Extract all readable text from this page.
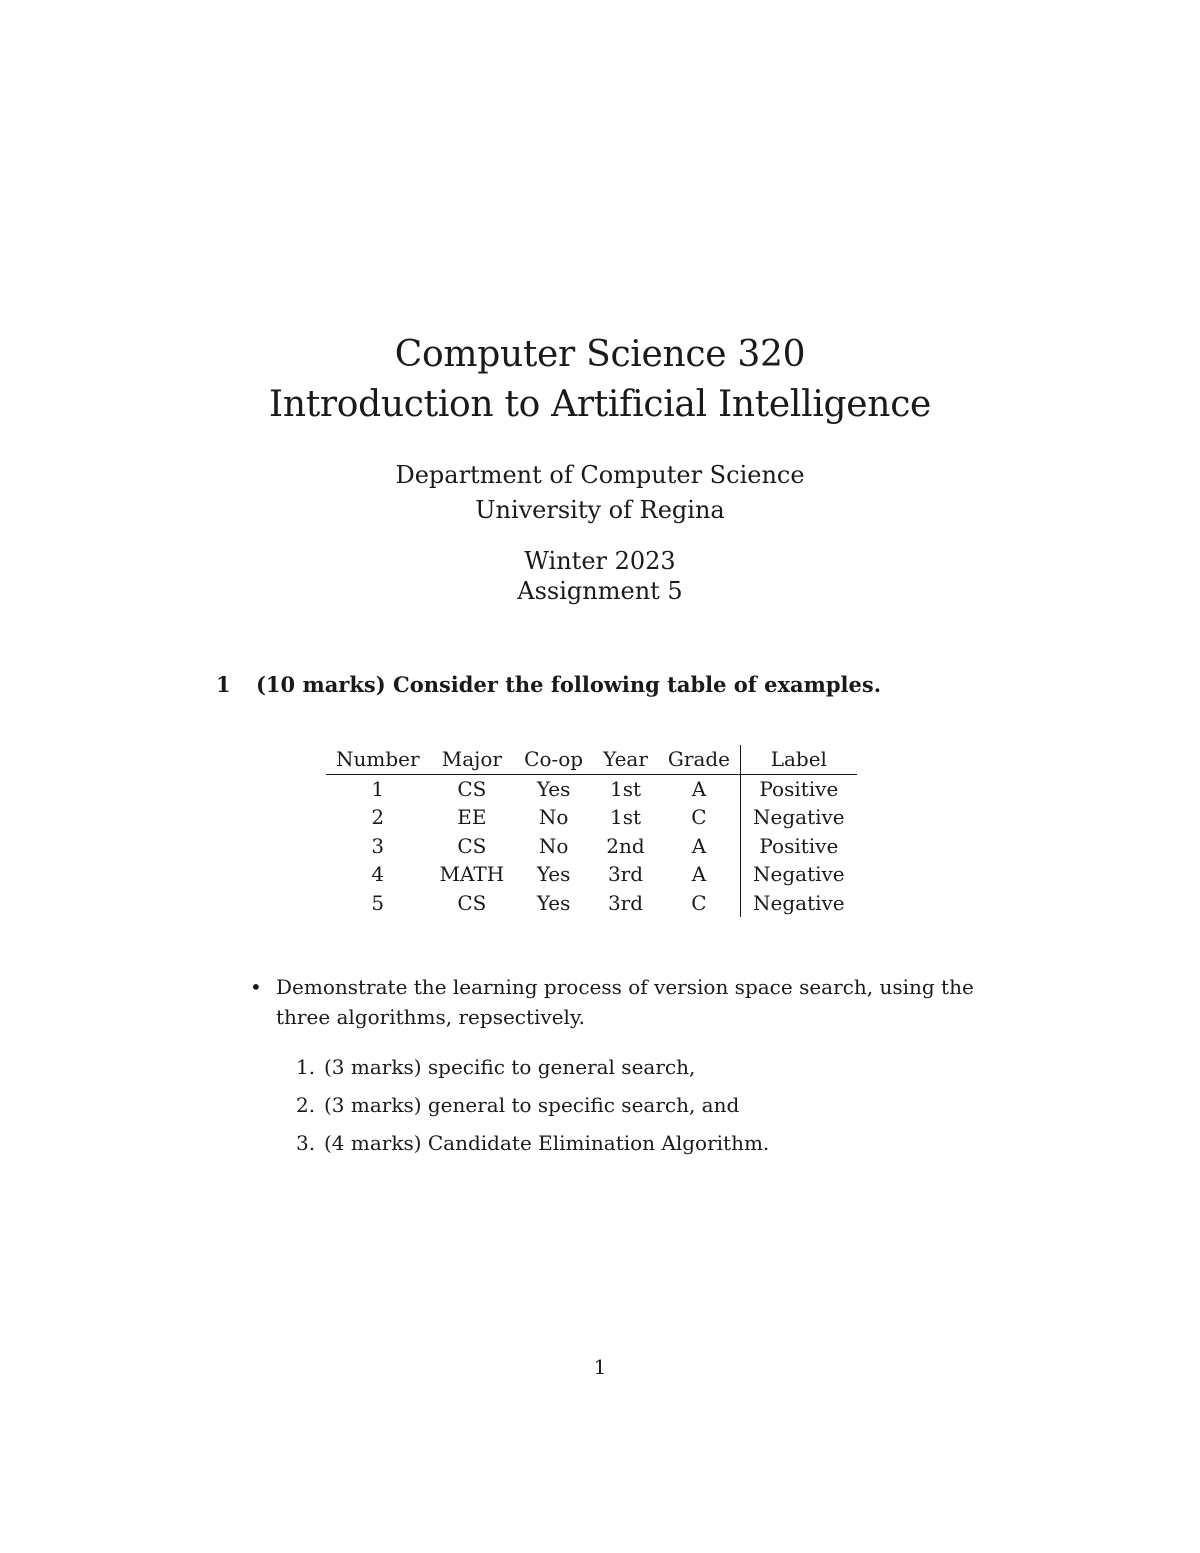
Computer Science 320
Introduction to Artificial Intelligence
Department of Computer Science
University of Regina
Winter 2023
Assignment 5
1 (10 marks) Consider the following table of examples.
Number	Major	Co-op	Year	Grade	Label
1	CS	Yes	1st	A	Positive
2	EE	No	1st	C	Negative
3	CS	No	2nd	A	Positive
4	MATH	Yes	3rd	A	Negative
5	CS	Yes	3rd	C	Negative
• Demonstrate the learning process of version space search, using the three algorithms, repsectively.
1. (3 marks) specific to general search,
2. (3 marks) general to specific search, and
3. (4 marks) Candidate Elimination Algorithm.
1
